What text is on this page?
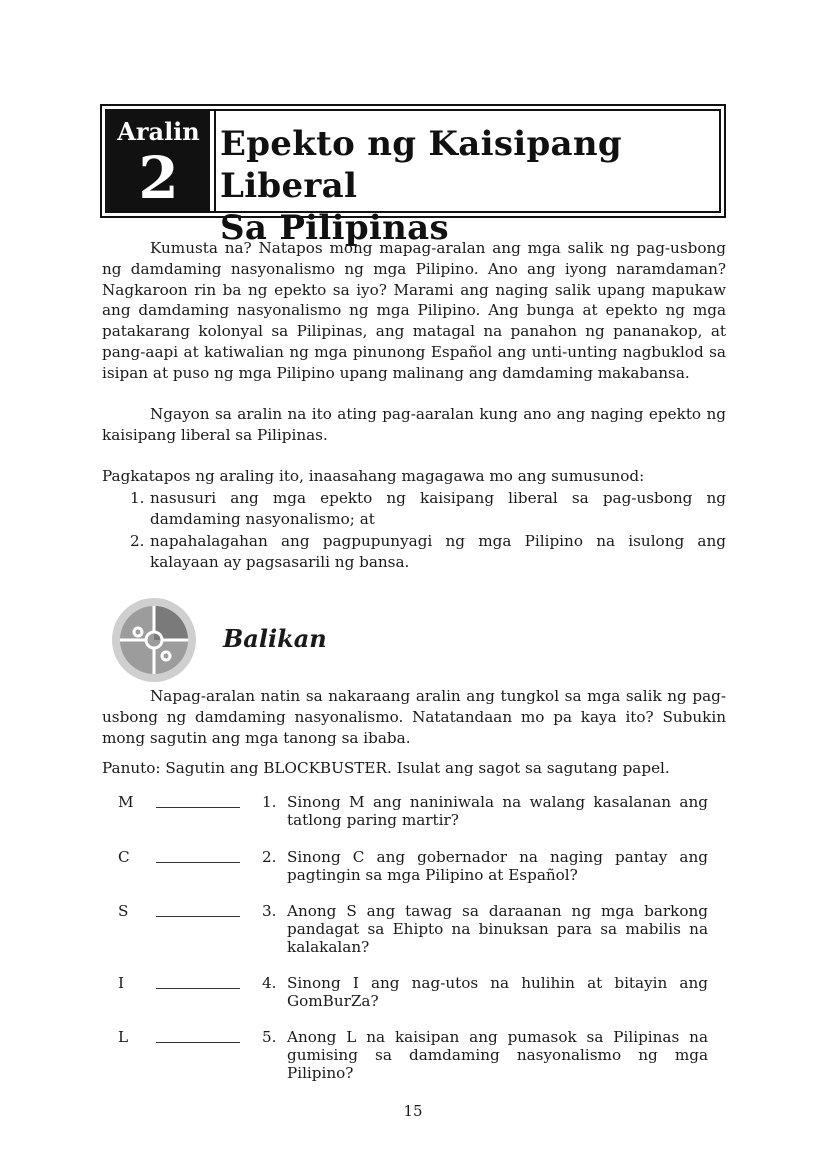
Aralin
2	Epekto ng Kaisipang Liberal
Sa Pilipinas

Kumusta na? Natapos mong mapag-aralan ang mga salik ng pag-usbong ng damdaming nasyonalismo ng mga Pilipino. Ano ang iyong naramdaman? Nagkaroon rin ba ng epekto sa iyo? Marami ang naging salik upang mapukaw ang damdaming nasyonalismo ng mga Pilipino. Ang bunga at epekto ng mga patakarang kolonyal sa Pilipinas, ang matagal na panahon ng pananakop, at pang-aapi at katiwalian ng mga pinunong Español ang unti-unting nagbuklod sa isipan at puso ng mga Pilipino upang malinang ang damdaming makabansa.

Ngayon sa aralin na ito ating pag-aaralan kung ano ang naging epekto ng kaisipang liberal sa Pilipinas.

Pagkatapos ng araling ito, inaasahang magagawa mo ang sumusunod:
1. nasusuri ang mga epekto ng kaisipang liberal sa pag-usbong ng damdaming nasyonalismo; at
2. napahalagahan ang pagpupunyagi ng mga Pilipino na isulong ang kalayaan ay pagsasarili ng bansa.
Balikan

Napag-aralan natin sa nakaraang aralin ang tungkol sa mga salik ng pag-usbong ng damdaming nasyonalismo. Natatandaan mo pa kaya ito? Subukin mong sagutin ang mga tanong sa ibaba.

Panuto: Sagutin ang BLOCKBUSTER. Isulat ang sagot sa sagutang papel.

M	1. Sinong M ang naniniwala na walang kasalanan ang tatlong paring martir?
C	2. Sinong C ang gobernador na naging pantay ang pagtingin sa mga Pilipino at Español?
S	3. Anong S ang tawag sa daraanan ng mga barkong pandagat sa Ehipto na binuksan para sa mabilis na kalakalan?
I	4. Sinong I ang nag-utos na hulihin at bitayin ang GomBurZa?
L	5. Anong L na kaisipan ang pumasok sa Pilipinas na gumising sa damdaming nasyonalismo ng mga Pilipino?
15
